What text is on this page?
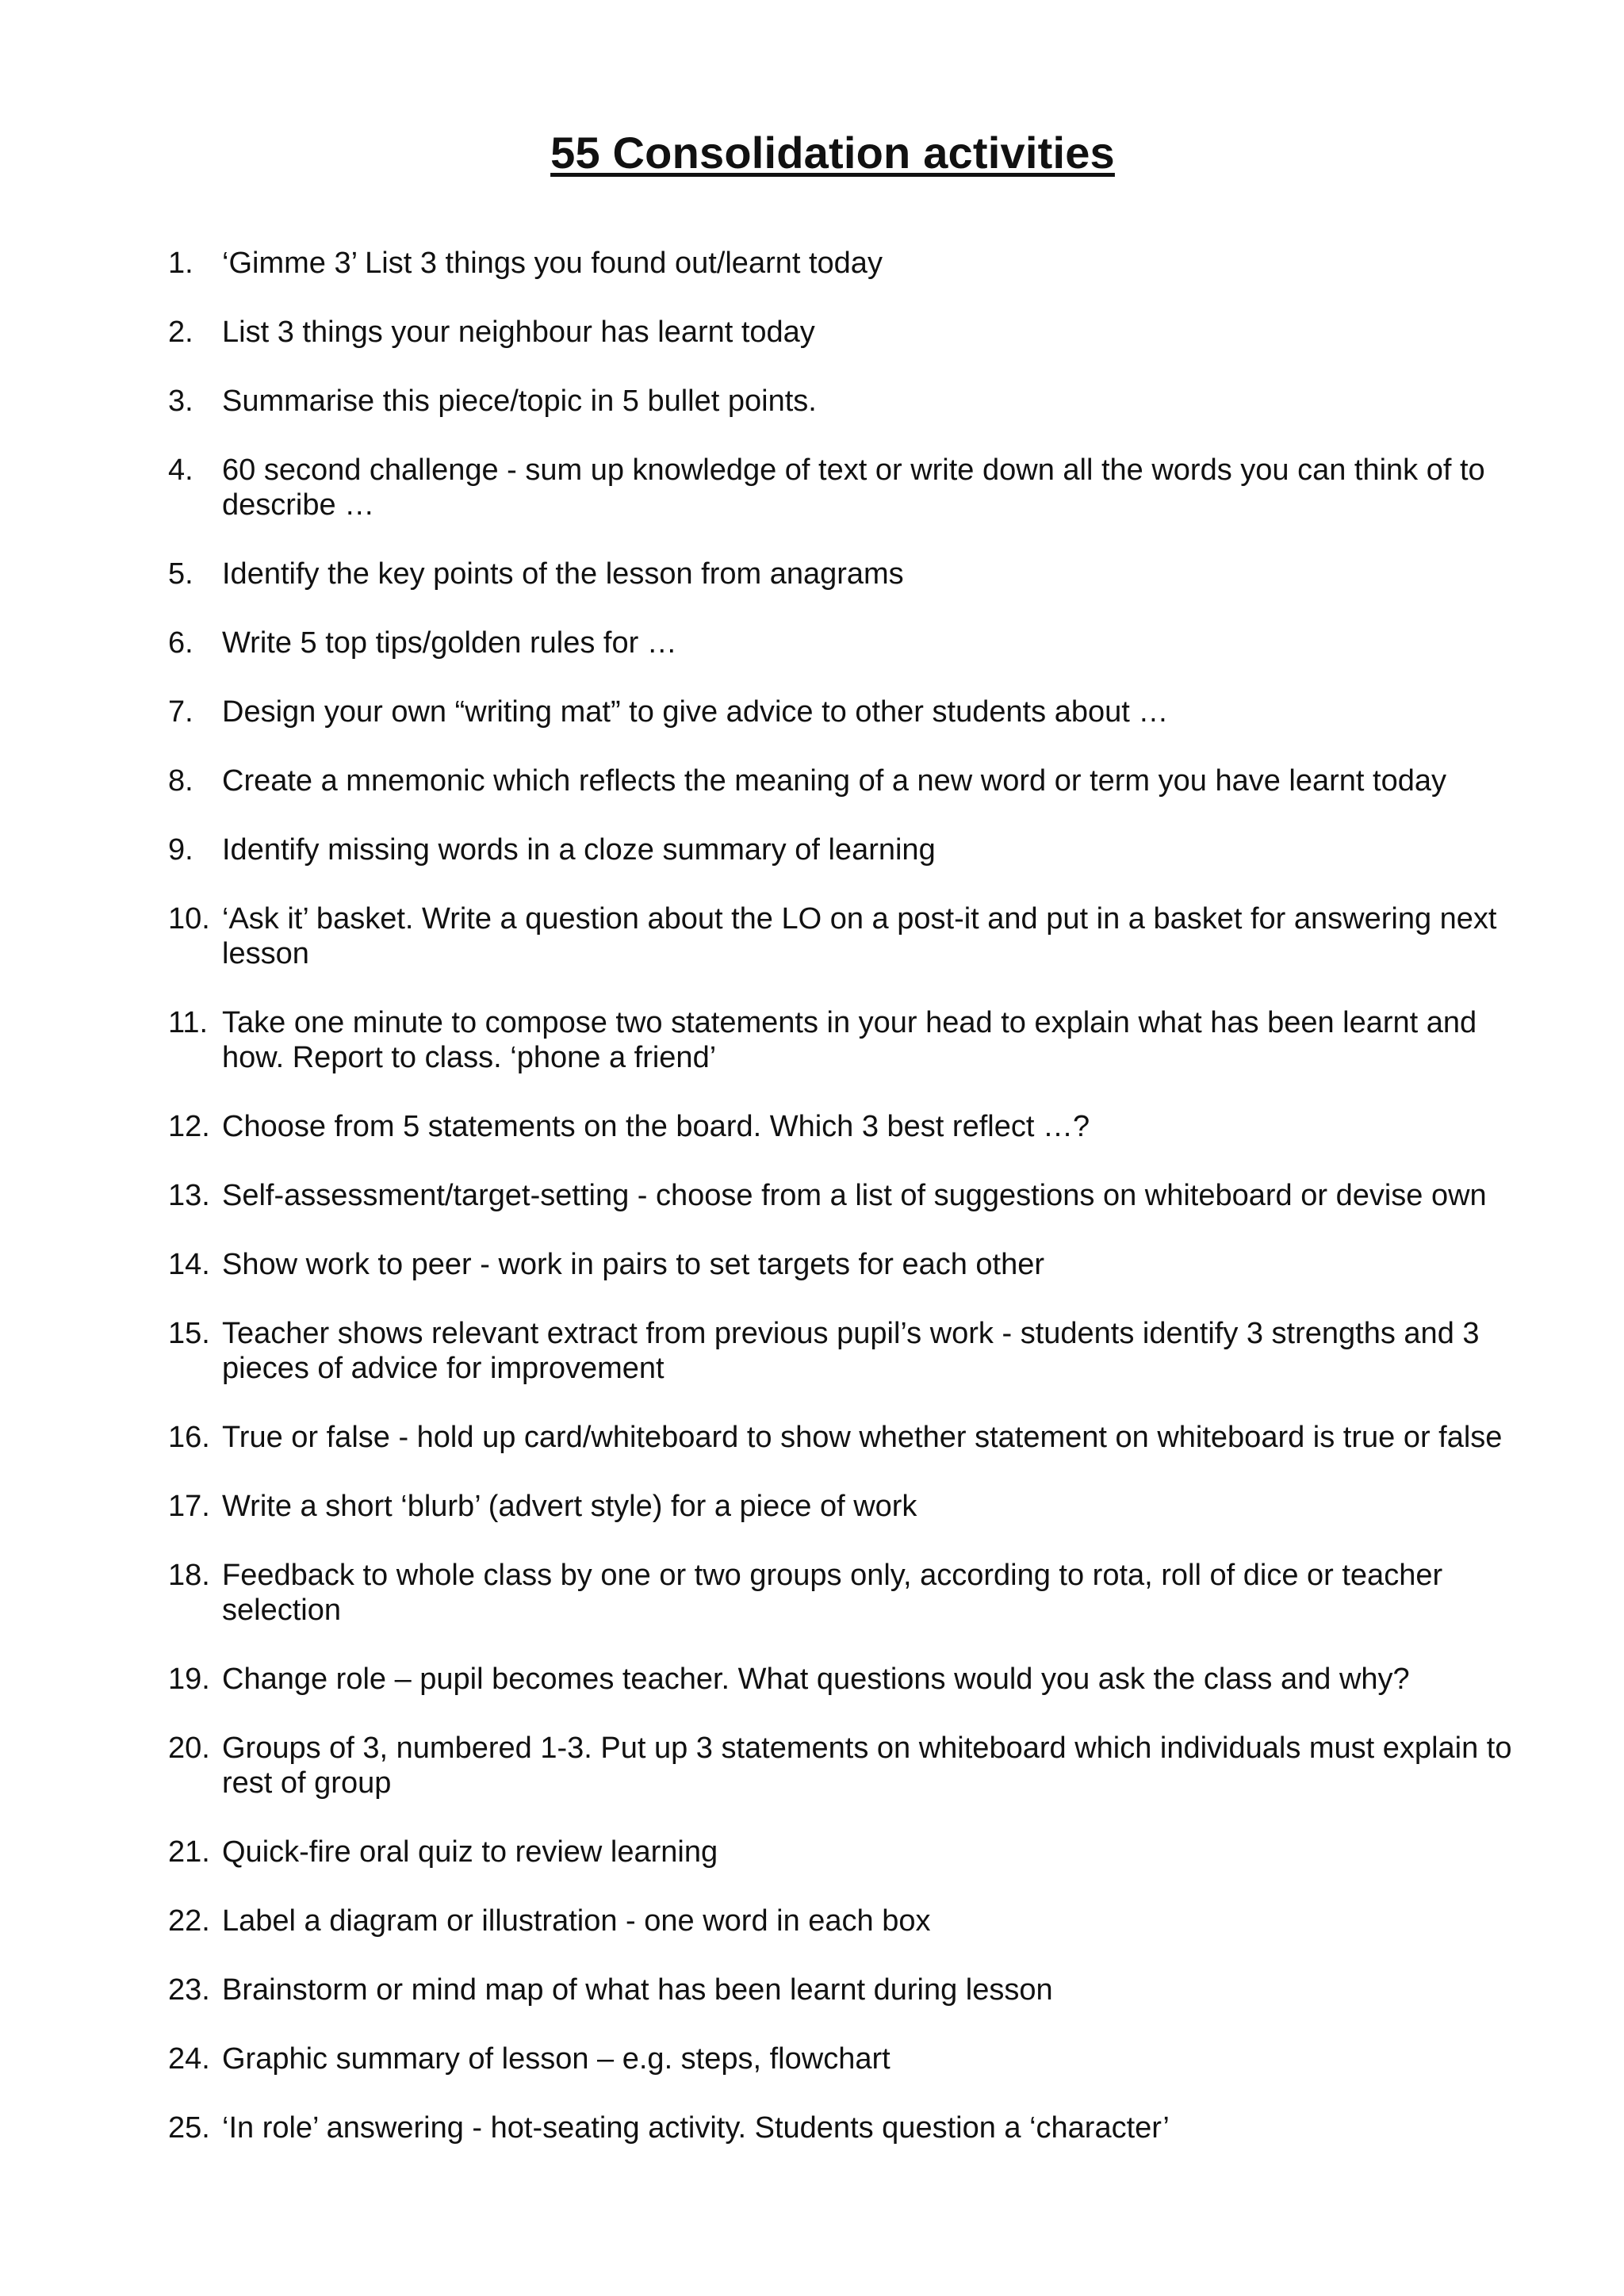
55 Consolidation activities
1. ‘Gimme 3’ List 3 things you found out/learnt today
2. List 3 things your neighbour has learnt today
3. Summarise this piece/topic in 5 bullet points.
4. 60 second challenge - sum up knowledge of text or write down all the words you can think of to describe …
5. Identify the key points of the lesson from anagrams
6. Write 5 top tips/golden rules for …
7. Design your own “writing mat” to give advice to other students about …
8. Create a mnemonic which reflects the meaning of a new word or term you have learnt today
9. Identify missing words in a cloze summary of learning
10. ‘Ask it’ basket. Write a question about the LO on a post-it and put in a basket for answering next lesson
11. Take one minute to compose two statements in your head to explain what has been learnt and how. Report to class. ‘phone a friend’
12. Choose from 5 statements on the board. Which 3 best reflect …?
13. Self-assessment/target-setting - choose from a list of suggestions on whiteboard or devise own
14. Show work to peer - work in pairs to set targets for each other
15. Teacher shows relevant extract from previous pupil’s work - students identify 3 strengths and 3 pieces of advice for improvement
16. True or false - hold up card/whiteboard to show whether statement on whiteboard is true or false
17. Write a short ‘blurb’ (advert style) for a piece of work
18. Feedback to whole class by one or two groups only, according to rota, roll of dice or teacher selection
19. Change role – pupil becomes teacher. What questions would you ask the class and why?
20. Groups of 3, numbered 1-3. Put up 3 statements on whiteboard which individuals must explain to rest of group
21. Quick-fire oral quiz to review learning
22. Label a diagram or illustration - one word in each box
23. Brainstorm or mind map of what has been learnt during lesson
24. Graphic summary of lesson – e.g. steps, flowchart
25. ‘In role’ answering - hot-seating activity. Students question a ‘character’
